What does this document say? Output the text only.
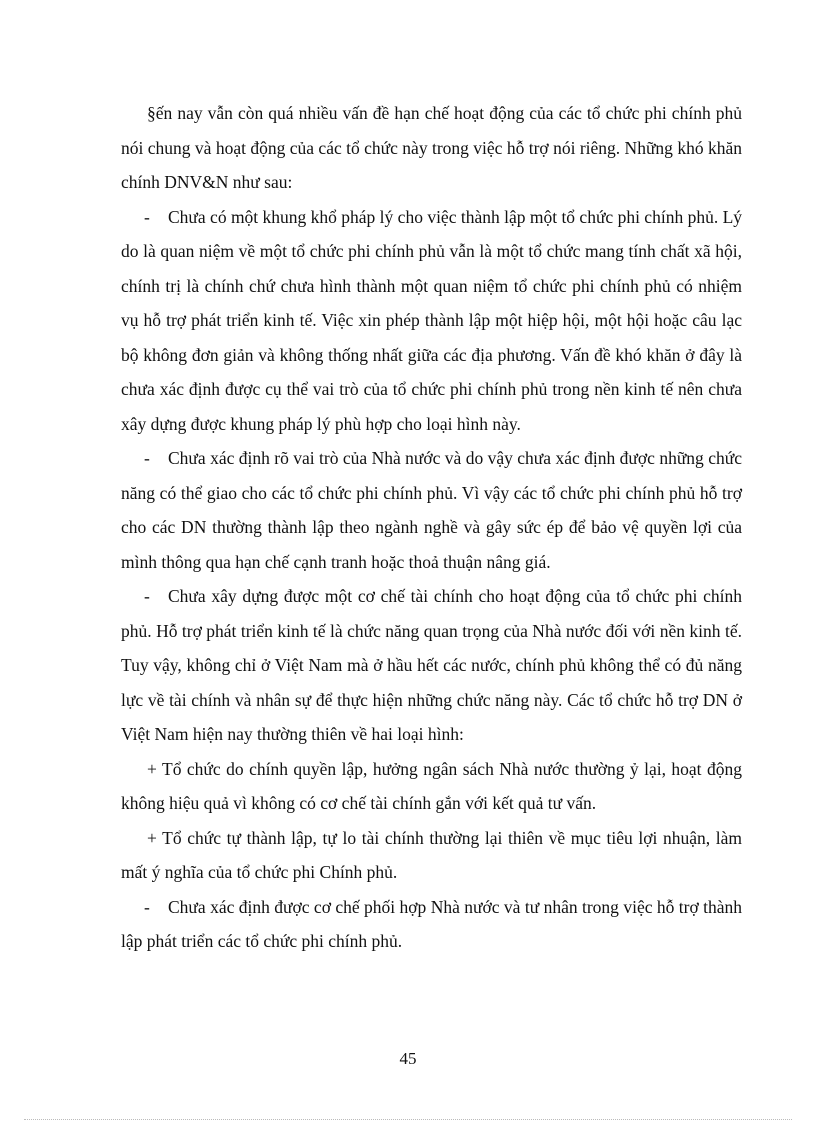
§ến nay vẫn còn quá nhiều vấn đề hạn chế hoạt động của các tổ chức phi chính phủ nói chung và hoạt động của các tổ chức này trong việc hỗ trợ nói riêng. Những khó khăn chính DNV&N như sau:

- Chưa có một khung khổ pháp lý cho việc thành lập một tổ chức phi chính phủ. Lý do là quan niệm về một tổ chức phi chính phủ vẫn là một tổ chức mang tính chất xã hội, chính trị là chính chứ chưa hình thành một quan niệm tổ chức phi chính phủ có nhiệm vụ hỗ trợ phát triển kinh tế. Việc xin phép thành lập một hiệp hội, một hội hoặc câu lạc bộ không đơn giản và không thống nhất giữa các địa phương. Vấn đề khó khăn ở đây là chưa xác định được cụ thể vai trò của tổ chức phi chính phủ trong nền kinh tế nên chưa xây dựng được khung pháp lý phù hợp cho loại hình này.

- Chưa xác định rõ vai trò của Nhà nước và do vậy chưa xác định được những chức năng có thể giao cho các tổ chức phi chính phủ. Vì vậy các tổ chức phi chính phủ hỗ trợ cho các DN thường thành lập theo ngành nghề và gây sức ép để bảo vệ quyền lợi của mình thông qua hạn chế cạnh tranh hoặc thoả thuận nâng giá.

- Chưa xây dựng được một cơ chế tài chính cho hoạt động của tổ chức phi chính phủ. Hỗ trợ phát triển kinh tế là chức năng quan trọng của Nhà nước đối với nền kinh tế. Tuy vậy, không chỉ ở Việt Nam mà ở hầu hết các nước, chính phủ không thể có đủ năng lực về tài chính và nhân sự để thực hiện những chức năng này. Các tổ chức hỗ trợ DN ở Việt Nam hiện nay thường thiên về hai loại hình:

+ Tổ chức do chính quyền lập, hưởng ngân sách Nhà nước thường ỷ lại, hoạt động không hiệu quả vì không có cơ chế tài chính gắn với kết quả tư vấn.

+ Tổ chức tự thành lập, tự lo tài chính thường lại thiên về mục tiêu lợi nhuận, làm mất ý nghĩa của tổ chức phi Chính phủ.

- Chưa xác định được cơ chế phối hợp Nhà nước và tư nhân trong việc hỗ trợ thành lập phát triển các tổ chức phi chính phủ.

45
